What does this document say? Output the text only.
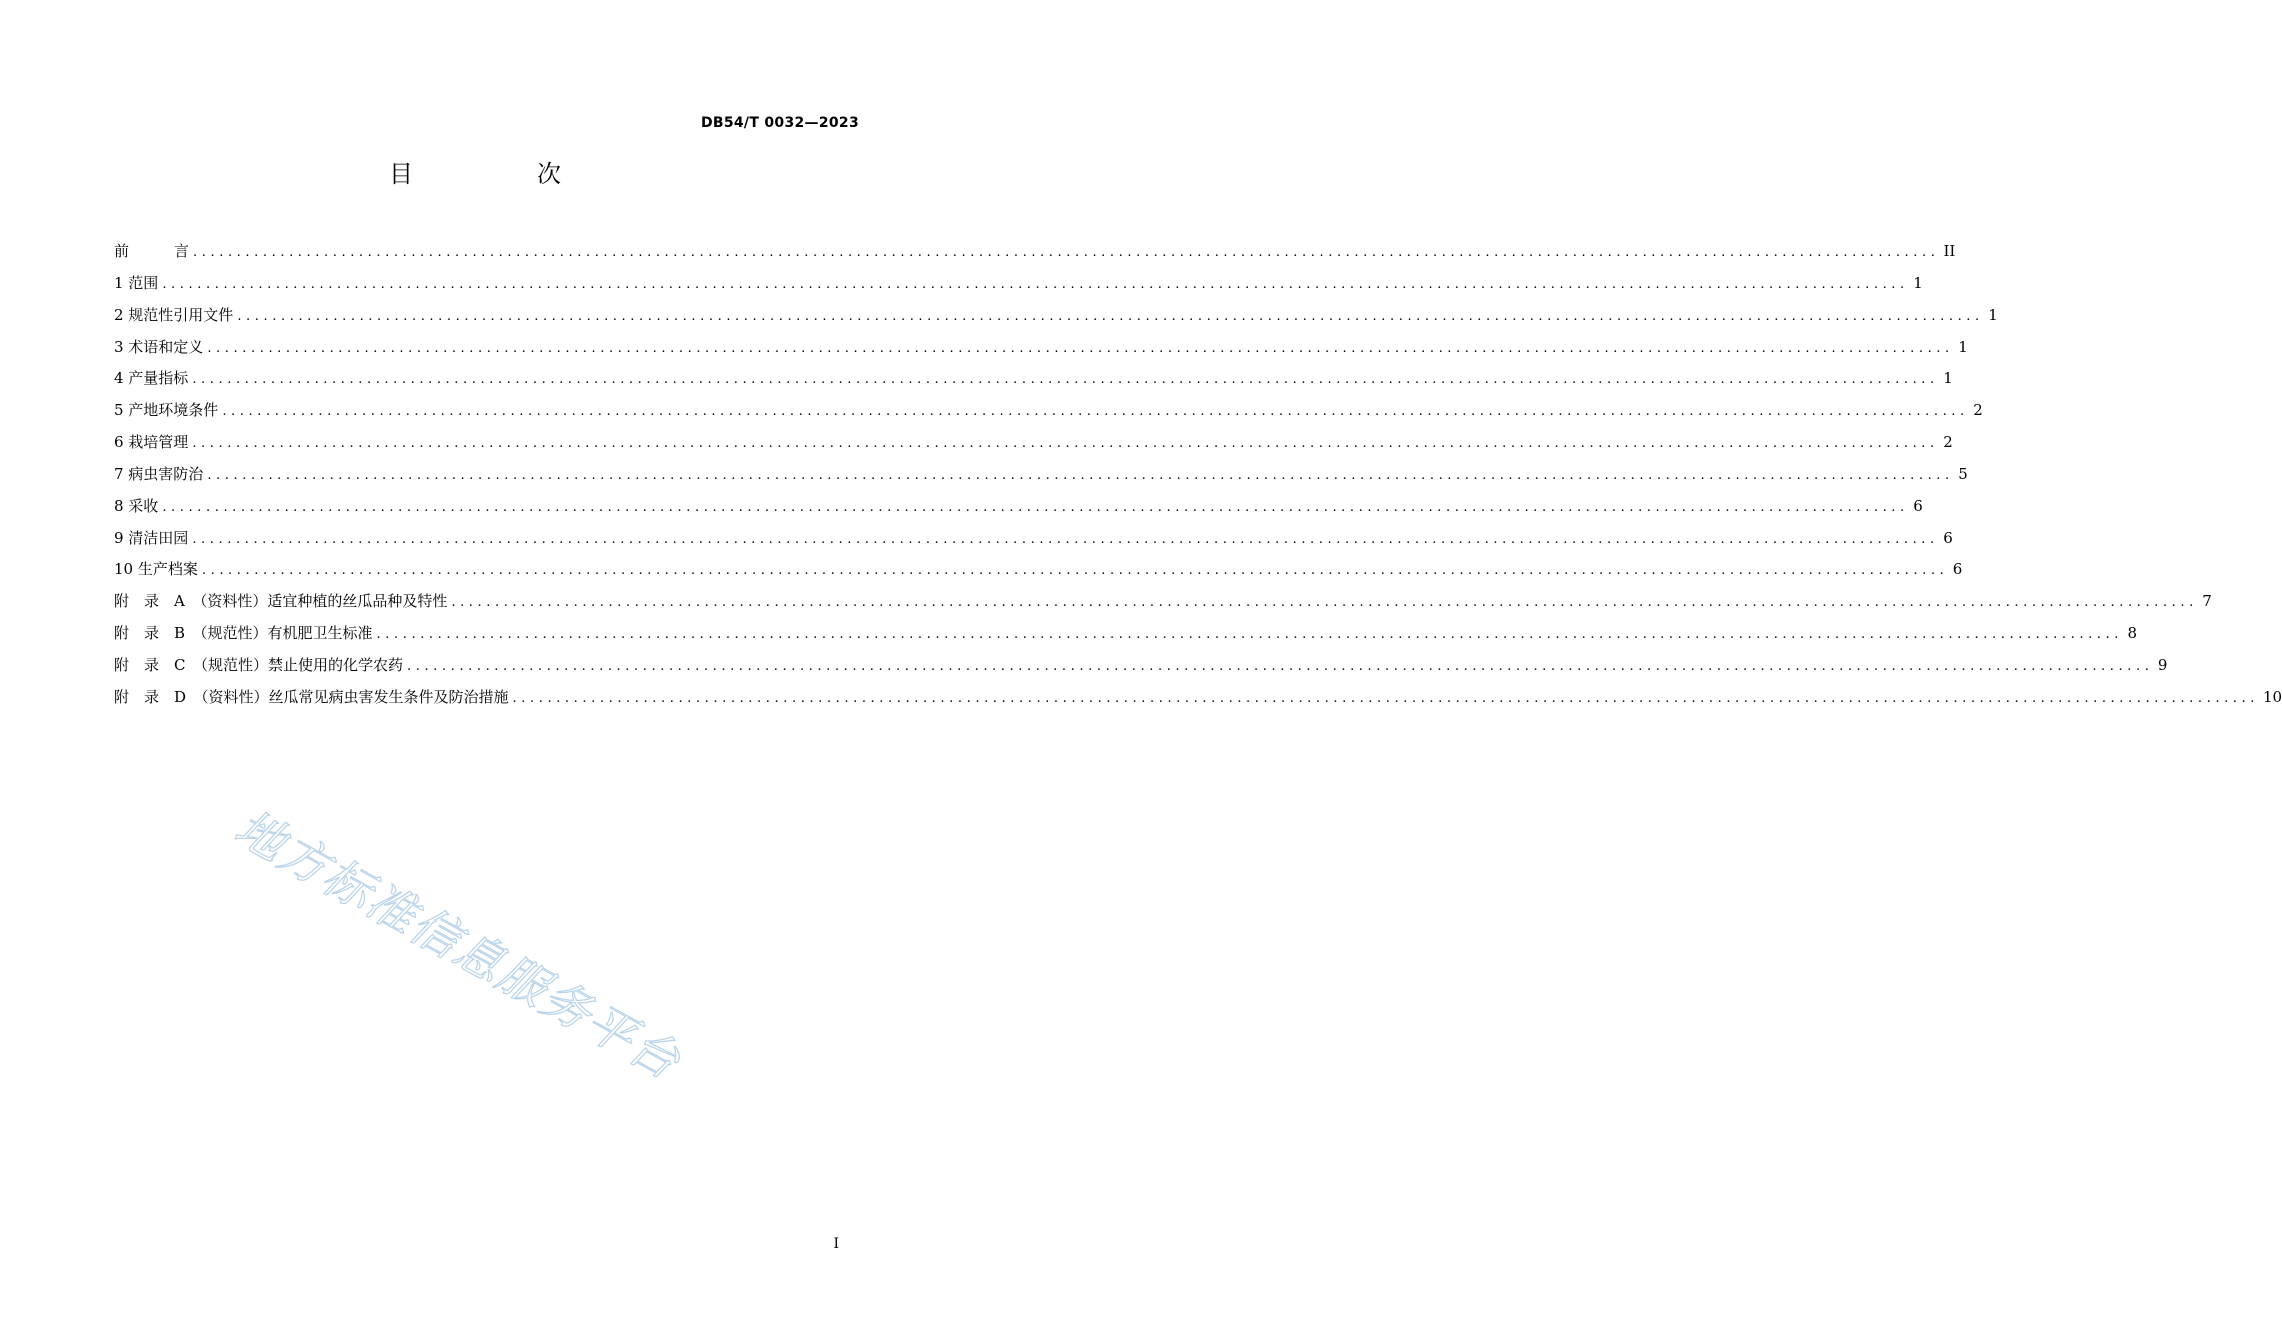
DB54/T 0032—2023
目　次
前　　　言 ........................................................................................................................................................................................................ II
1 范围 ........................................................................................................................................................................................................ 1
2 规范性引用文件 ........................................................................................................................................................................................................ 1
3 术语和定义 ........................................................................................................................................................................................................ 1
4 产量指标 ........................................................................................................................................................................................................ 1
5 产地环境条件 ........................................................................................................................................................................................................ 2
6 栽培管理 ........................................................................................................................................................................................................ 2
7 病虫害防治 ........................................................................................................................................................................................................ 5
8 采收 ........................................................................................................................................................................................................ 6
9 清洁田园 ........................................................................................................................................................................................................ 6
10 生产档案 ........................................................................................................................................................................................................ 6
附　录　A　（资料性）适宜种植的丝瓜品种及特性 ........................................................................................................................................................................................................ 7
附　录　B　（规范性）有机肥卫生标准 ........................................................................................................................................................................................................ 8
附　录　C　（规范性）禁止使用的化学农药 ........................................................................................................................................................................................................ 9
附　录　D　（资料性）丝瓜常见病虫害发生条件及防治措施 ........................................................................................................................................................................................................ 10
地方标准信息服务平台
I
